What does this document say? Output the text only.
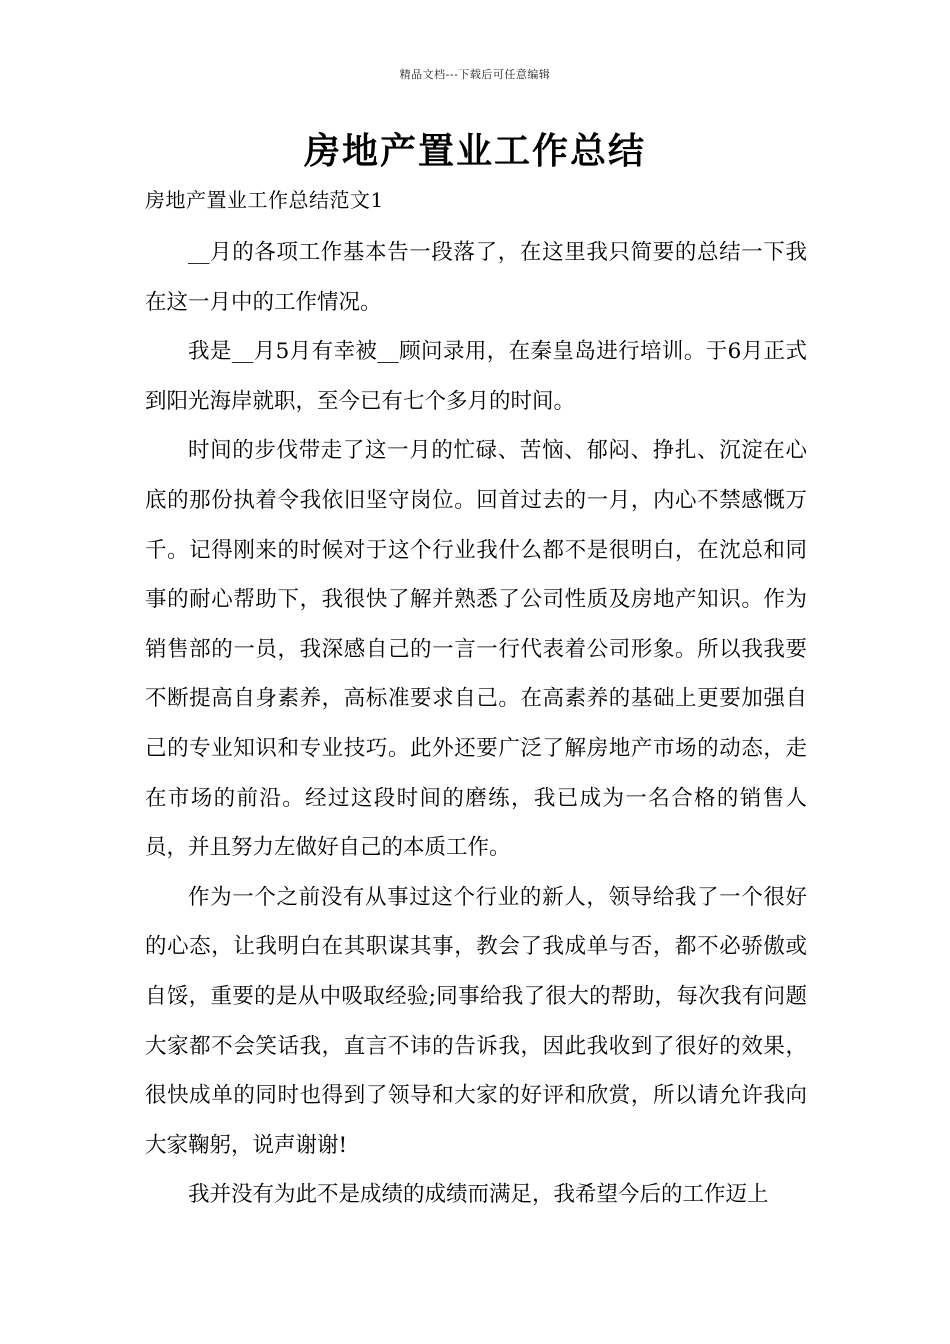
精品文档---下载后可任意编辑
房地产置业工作总结
房地产置业工作总结范文1

__月的各项工作基本告一段落了，在这里我只简要的总结一下我在这一月中的工作情况。

我是__月5月有幸被__顾问录用，在秦皇岛进行培训。于6月正式到阳光海岸就职，至今已有七个多月的时间。

时间的步伐带走了这一月的忙碌、苦恼、郁闷、挣扎、沉淀在心底的那份执着令我依旧坚守岗位。回首过去的一月，内心不禁感慨万千。记得刚来的时候对于这个行业我什么都不是很明白，在沈总和同事的耐心帮助下，我很快了解并熟悉了公司性质及房地产知识。作为销售部的一员，我深感自己的一言一行代表着公司形象。所以我我要不断提高自身素养，高标准要求自己。在高素养的基础上更要加强自己的专业知识和专业技巧。此外还要广泛了解房地产市场的动态，走在市场的前沿。经过这段时间的磨练，我已成为一名合格的销售人员，并且努力左做好自己的本质工作。

作为一个之前没有从事过这个行业的新人，领导给我了一个很好的心态，让我明白在其职谋其事，教会了我成单与否，都不必骄傲或自馁，重要的是从中吸取经验;同事给我了很大的帮助，每次我有问题大家都不会笑话我，直言不讳的告诉我，因此我收到了很好的效果，很快成单的同时也得到了领导和大家的好评和欣赏，所以请允许我向大家鞠躬，说声谢谢!

我并没有为此不是成绩的成绩而满足，我希望今后的工作迈上
